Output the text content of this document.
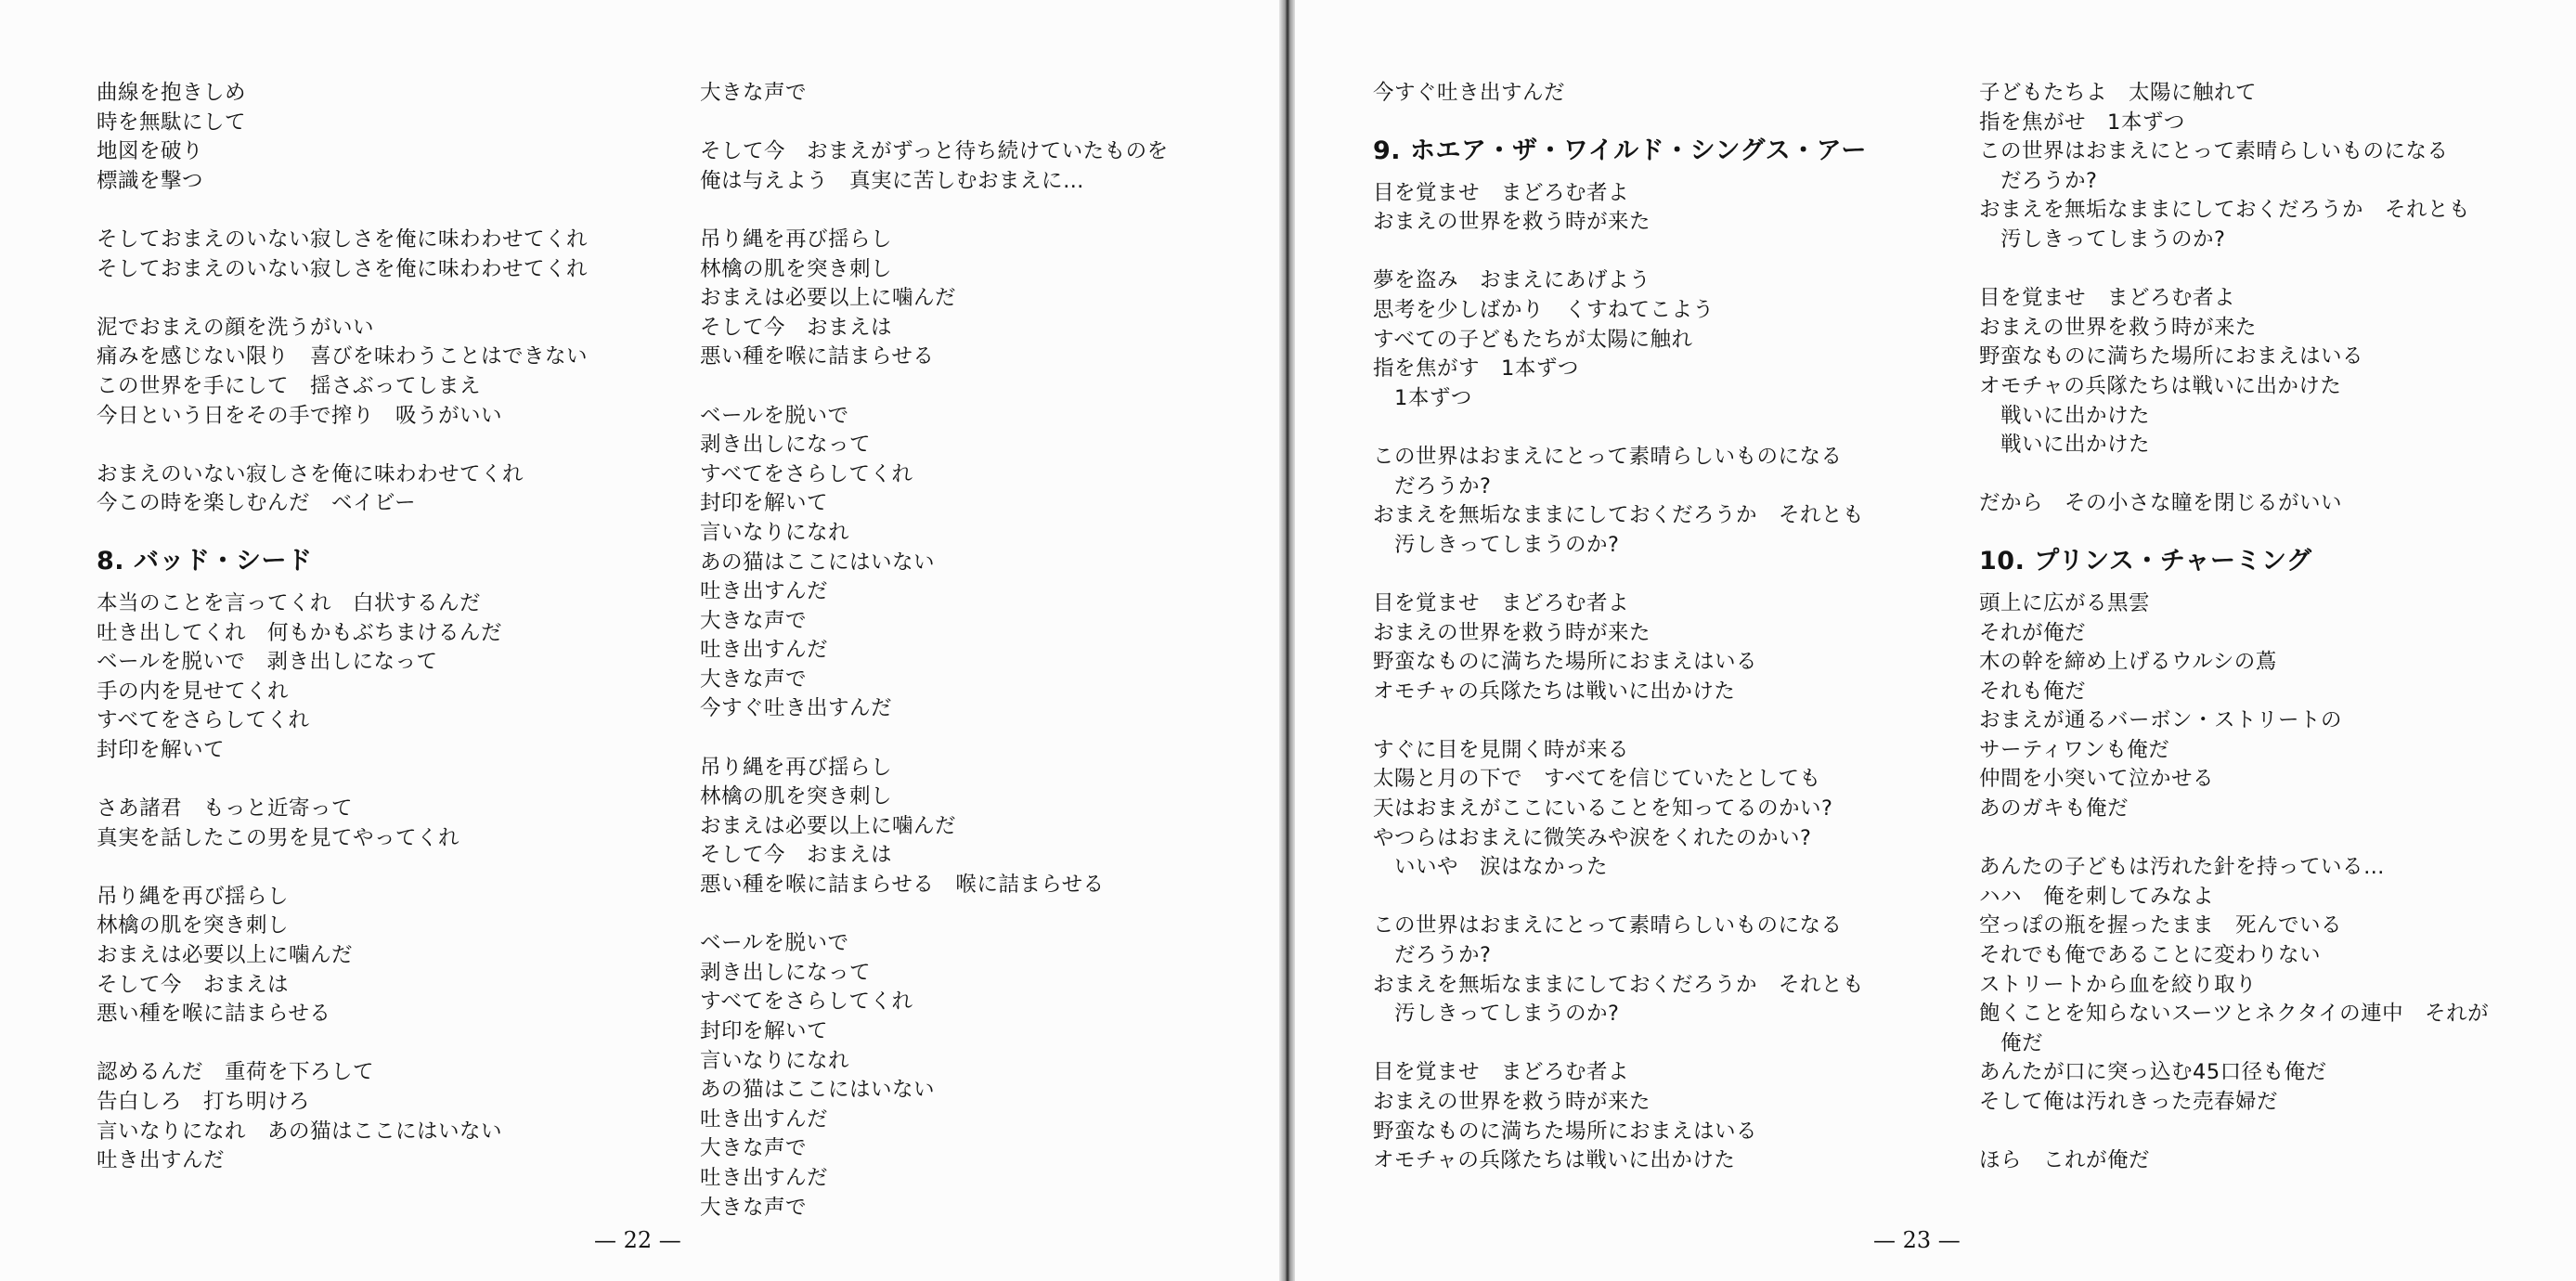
曲線を抱きしめ
時を無駄にして
地図を破り
標識を撃つ
そしておまえのいない寂しさを俺に味わわせてくれ
そしておまえのいない寂しさを俺に味わわせてくれ
泥でおまえの顔を洗うがいい
痛みを感じない限り　喜びを味わうことはできない
この世界を手にして　揺さぶってしまえ
今日という日をその手で搾り　吸うがいい
おまえのいない寂しさを俺に味わわせてくれ
今この時を楽しむんだ　ベイビー
8. バッド・シード
本当のことを言ってくれ　白状するんだ
吐き出してくれ　何もかもぶちまけるんだ
ベールを脱いで　剥き出しになって
手の内を見せてくれ
すべてをさらしてくれ
封印を解いて
さあ諸君　もっと近寄って
真実を話したこの男を見てやってくれ
吊り縄を再び揺らし
林檎の肌を突き刺し
おまえは必要以上に噛んだ
そして今　おまえは
悪い種を喉に詰まらせる
認めるんだ　重荷を下ろして
告白しろ　打ち明けろ
言いなりになれ　あの猫はここにはいない
吐き出すんだ
大きな声で
そして今　おまえがずっと待ち続けていたものを
俺は与えよう　真実に苦しむおまえに…
吊り縄を再び揺らし
林檎の肌を突き刺し
おまえは必要以上に噛んだ
そして今　おまえは
悪い種を喉に詰まらせる
ベールを脱いで
剥き出しになって
すべてをさらしてくれ
封印を解いて
言いなりになれ
あの猫はここにはいない
吐き出すんだ
大きな声で
吐き出すんだ
大きな声で
今すぐ吐き出すんだ
吊り縄を再び揺らし
林檎の肌を突き刺し
おまえは必要以上に噛んだ
そして今　おまえは
悪い種を喉に詰まらせる　喉に詰まらせる
ベールを脱いで
剥き出しになって
すべてをさらしてくれ
封印を解いて
言いなりになれ
あの猫はここにはいない
吐き出すんだ
大きな声で
吐き出すんだ
大きな声で
— 22 —
今すぐ吐き出すんだ
9. ホエア・ザ・ワイルド・シングス・アー
目を覚ませ　まどろむ者よ
おまえの世界を救う時が来た
夢を盗み　おまえにあげよう
思考を少しばかり　くすねてこよう
すべての子どもたちが太陽に触れ
指を焦がす　1本ずつ
　1本ずつ
この世界はおまえにとって素晴らしいものになる
　だろうか?
おまえを無垢なままにしておくだろうか　それとも
　汚しきってしまうのか?
目を覚ませ　まどろむ者よ
おまえの世界を救う時が来た
野蛮なものに満ちた場所におまえはいる
オモチャの兵隊たちは戦いに出かけた
すぐに目を見開く時が来る
太陽と月の下で　すべてを信じていたとしても
天はおまえがここにいることを知ってるのかい?
やつらはおまえに微笑みや涙をくれたのかい?
　いいや　涙はなかった
この世界はおまえにとって素晴らしいものになる
　だろうか?
おまえを無垢なままにしておくだろうか　それとも
　汚しきってしまうのか?
目を覚ませ　まどろむ者よ
おまえの世界を救う時が来た
野蛮なものに満ちた場所におまえはいる
オモチャの兵隊たちは戦いに出かけた
子どもたちよ　太陽に触れて
指を焦がせ　1本ずつ
この世界はおまえにとって素晴らしいものになる
　だろうか?
おまえを無垢なままにしておくだろうか　それとも
　汚しきってしまうのか?
目を覚ませ　まどろむ者よ
おまえの世界を救う時が来た
野蛮なものに満ちた場所におまえはいる
オモチャの兵隊たちは戦いに出かけた
　戦いに出かけた
　戦いに出かけた
だから　その小さな瞳を閉じるがいい
10. プリンス・チャーミング
頭上に広がる黒雲
それが俺だ
木の幹を締め上げるウルシの蔦
それも俺だ
おまえが通るバーボン・ストリートの
サーティワンも俺だ
仲間を小突いて泣かせる
あのガキも俺だ
あんたの子どもは汚れた針を持っている…
ハハ　俺を刺してみなよ
空っぽの瓶を握ったまま　死んでいる
それでも俺であることに変わりない
ストリートから血を絞り取り
飽くことを知らないスーツとネクタイの連中　それが
　俺だ
あんたが口に突っ込む45口径も俺だ
そして俺は汚れきった売春婦だ
ほら　これが俺だ
— 23 —
